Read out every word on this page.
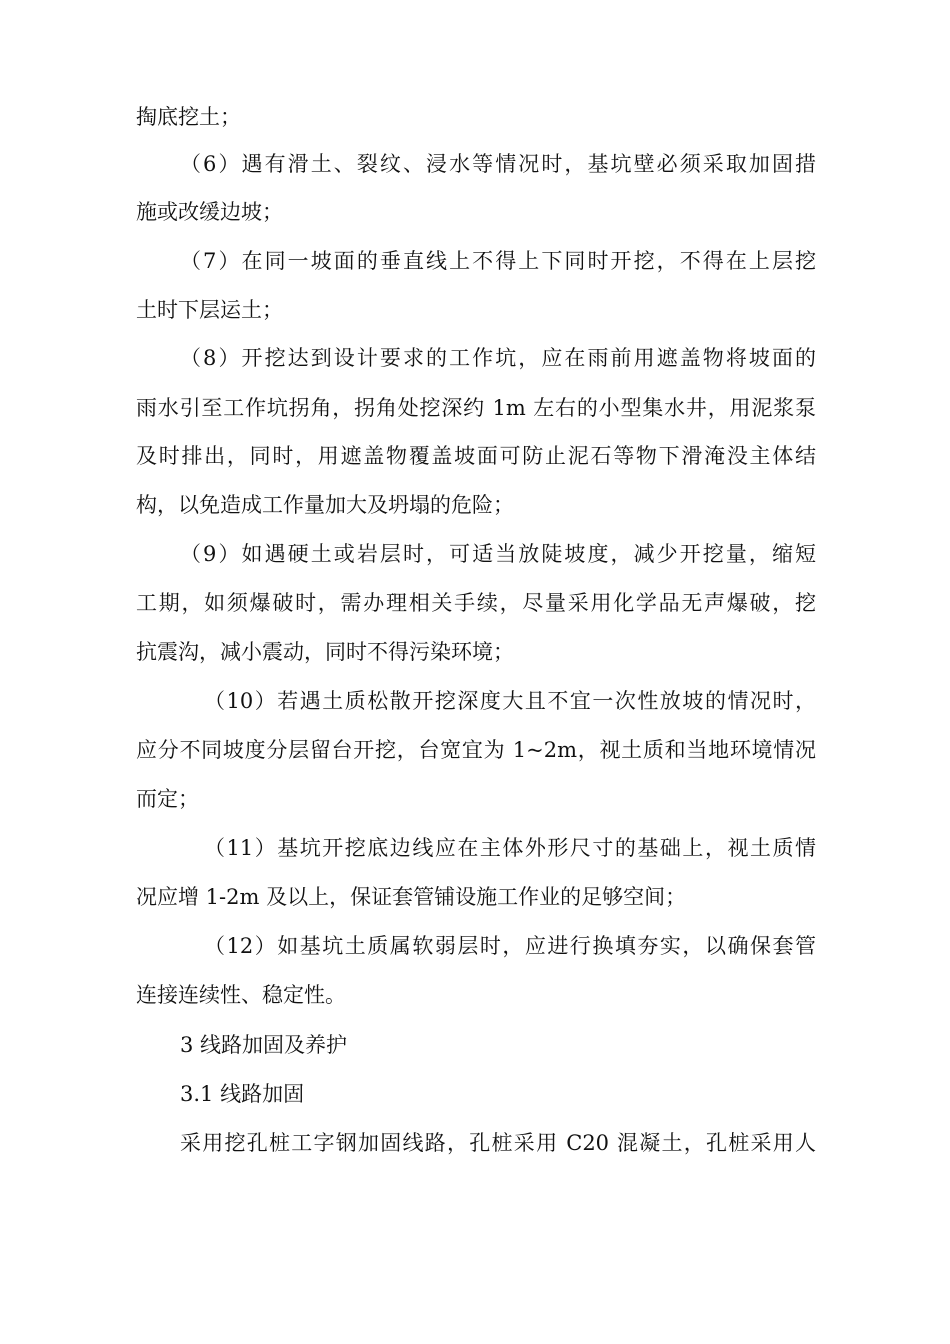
掏底挖土；
（6）遇有滑土、裂纹、浸水等情况时，基坑壁必须采取加固措
施或改缓边坡；
（7）在同一坡面的垂直线上不得上下同时开挖，不得在上层挖
土时下层运土；
（8）开挖达到设计要求的工作坑，应在雨前用遮盖物将坡面的
雨水引至工作坑拐角，拐角处挖深约 1m 左右的小型集水井，用泥浆泵
及时排出，同时，用遮盖物覆盖坡面可防止泥石等物下滑淹没主体结
构，以免造成工作量加大及坍塌的危险；
（9）如遇硬土或岩层时，可适当放陡坡度，减少开挖量，缩短
工期，如须爆破时，需办理相关手续，尽量采用化学品无声爆破，挖
抗震沟，减小震动，同时不得污染环境；
（10）若遇土质松散开挖深度大且不宜一次性放坡的情况时，
应分不同坡度分层留台开挖，台宽宜为 1~2m，视土质和当地环境情况
而定；
（11）基坑开挖底边线应在主体外形尺寸的基础上，视土质情
况应增 1-2m 及以上，保证套管铺设施工作业的足够空间；
（12）如基坑土质属软弱层时，应进行换填夯实，以确保套管
连接连续性、稳定性。
3 线路加固及养护
3.1 线路加固
采用挖孔桩工字钢加固线路，孔桩采用 C20 混凝土，孔桩采用人
